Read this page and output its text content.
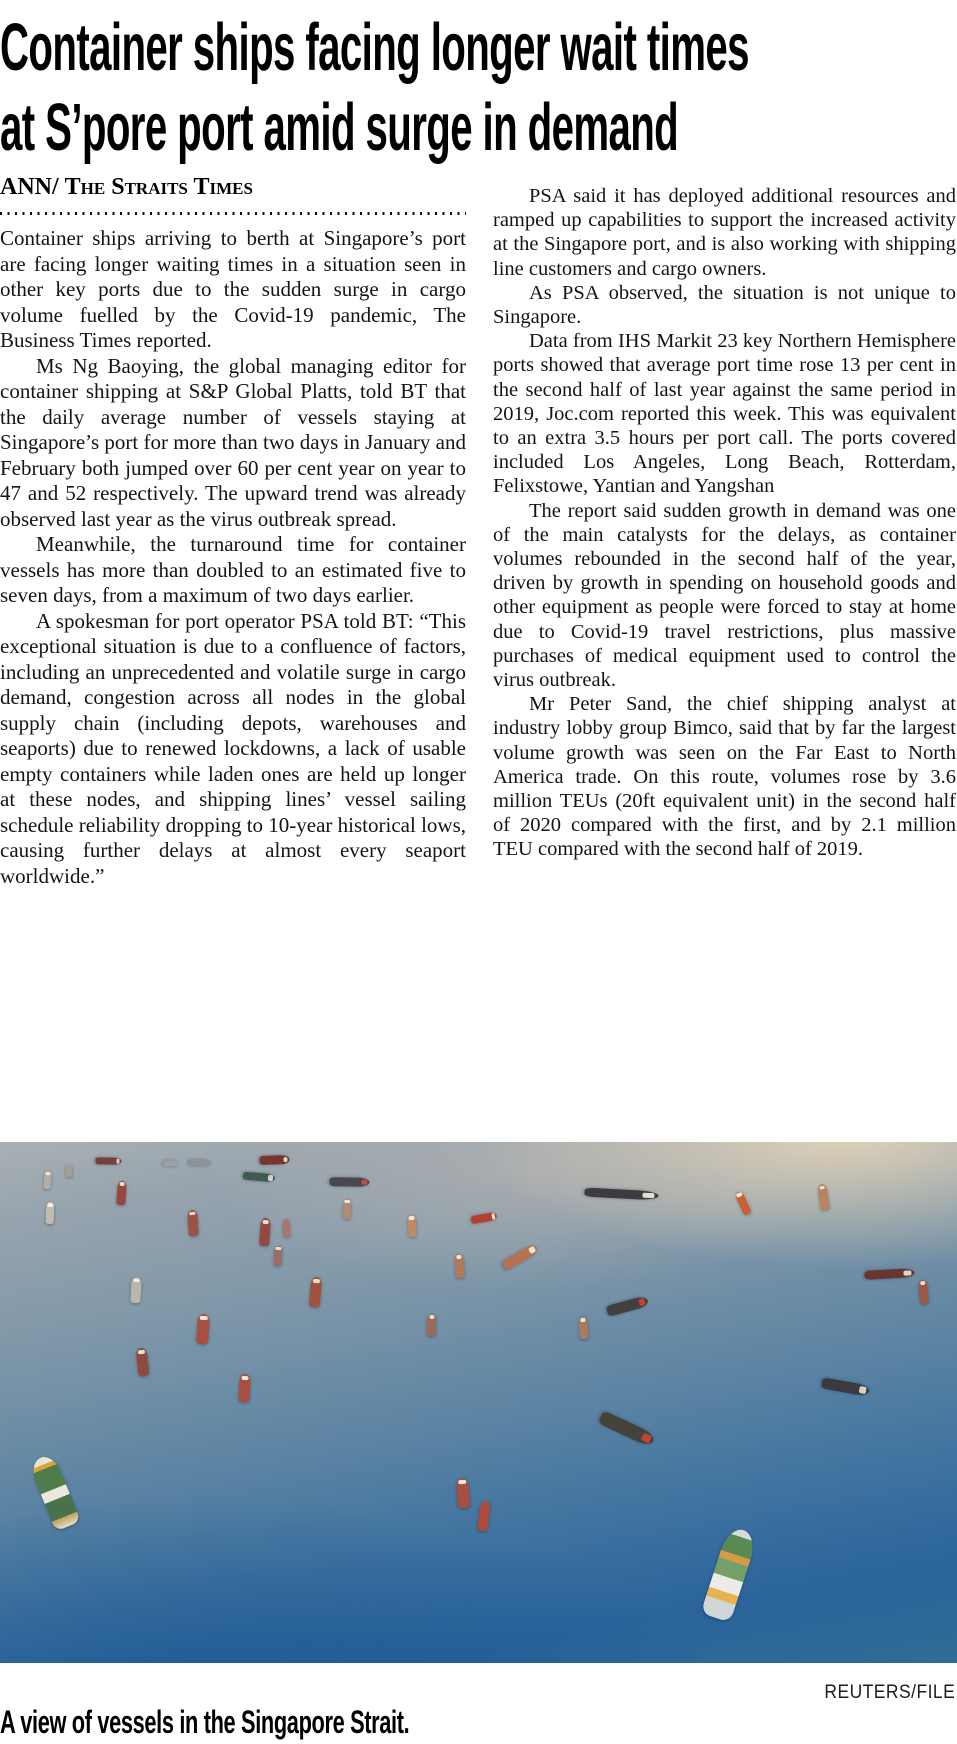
Container ships facing longer wait times
at S’pore port amid surge in demand
ANN/ The Straits Times

Container ships arriving to berth at Singapore’s port are facing longer waiting times in a situation seen in other key ports due to the sudden surge in cargo volume fuelled by the Covid-19 pandemic, The Business Times reported.

Ms Ng Baoying, the global managing editor for container shipping at S&P Global Platts, told BT that the daily average number of vessels staying at Singapore’s port for more than two days in January and February both jumped over 60 per cent year on year to 47 and 52 respectively. The upward trend was already observed last year as the virus outbreak spread.

Meanwhile, the turnaround time for container vessels has more than doubled to an estimated five to seven days, from a maximum of two days earlier.

A spokesman for port operator PSA told BT: “This exceptional situation is due to a confluence of factors, including an unprecedented and volatile surge in cargo demand, congestion across all nodes in the global supply chain (including depots, warehouses and seaports) due to renewed lockdowns, a lack of usable empty containers while laden ones are held up longer at these nodes, and shipping lines’ vessel sailing schedule reliability dropping to 10-year historical lows, causing further delays at almost every seaport worldwide.”

PSA said it has deployed additional resources and ramped up capabilities to support the increased activity at the Singapore port, and is also working with shipping line customers and cargo owners.

As PSA observed, the situation is not unique to Singapore.

Data from IHS Markit 23 key Northern Hemisphere ports showed that average port time rose 13 per cent in the second half of last year against the same period in 2019, Joc.com reported this week. This was equivalent to an extra 3.5 hours per port call. The ports covered included Los Angeles, Long Beach, Rotterdam, Felixstowe, Yantian and Yangshan

The report said sudden growth in demand was one of the main catalysts for the delays, as container volumes rebounded in the second half of the year, driven by growth in spending on household goods and other equipment as people were forced to stay at home due to Covid-19 travel restrictions, plus massive purchases of medical equipment used to control the virus outbreak.

Mr Peter Sand, the chief shipping analyst at industry lobby group Bimco, said that by far the largest volume growth was seen on the Far East to North America trade. On this route, volumes rose by 3.6 million TEUs (20ft equivalent unit) in the second half of 2020 compared with the first, and by 2.1 million TEU compared with the second half of 2019.

REUTERS/FILE
A view of vessels in the Singapore Strait.
